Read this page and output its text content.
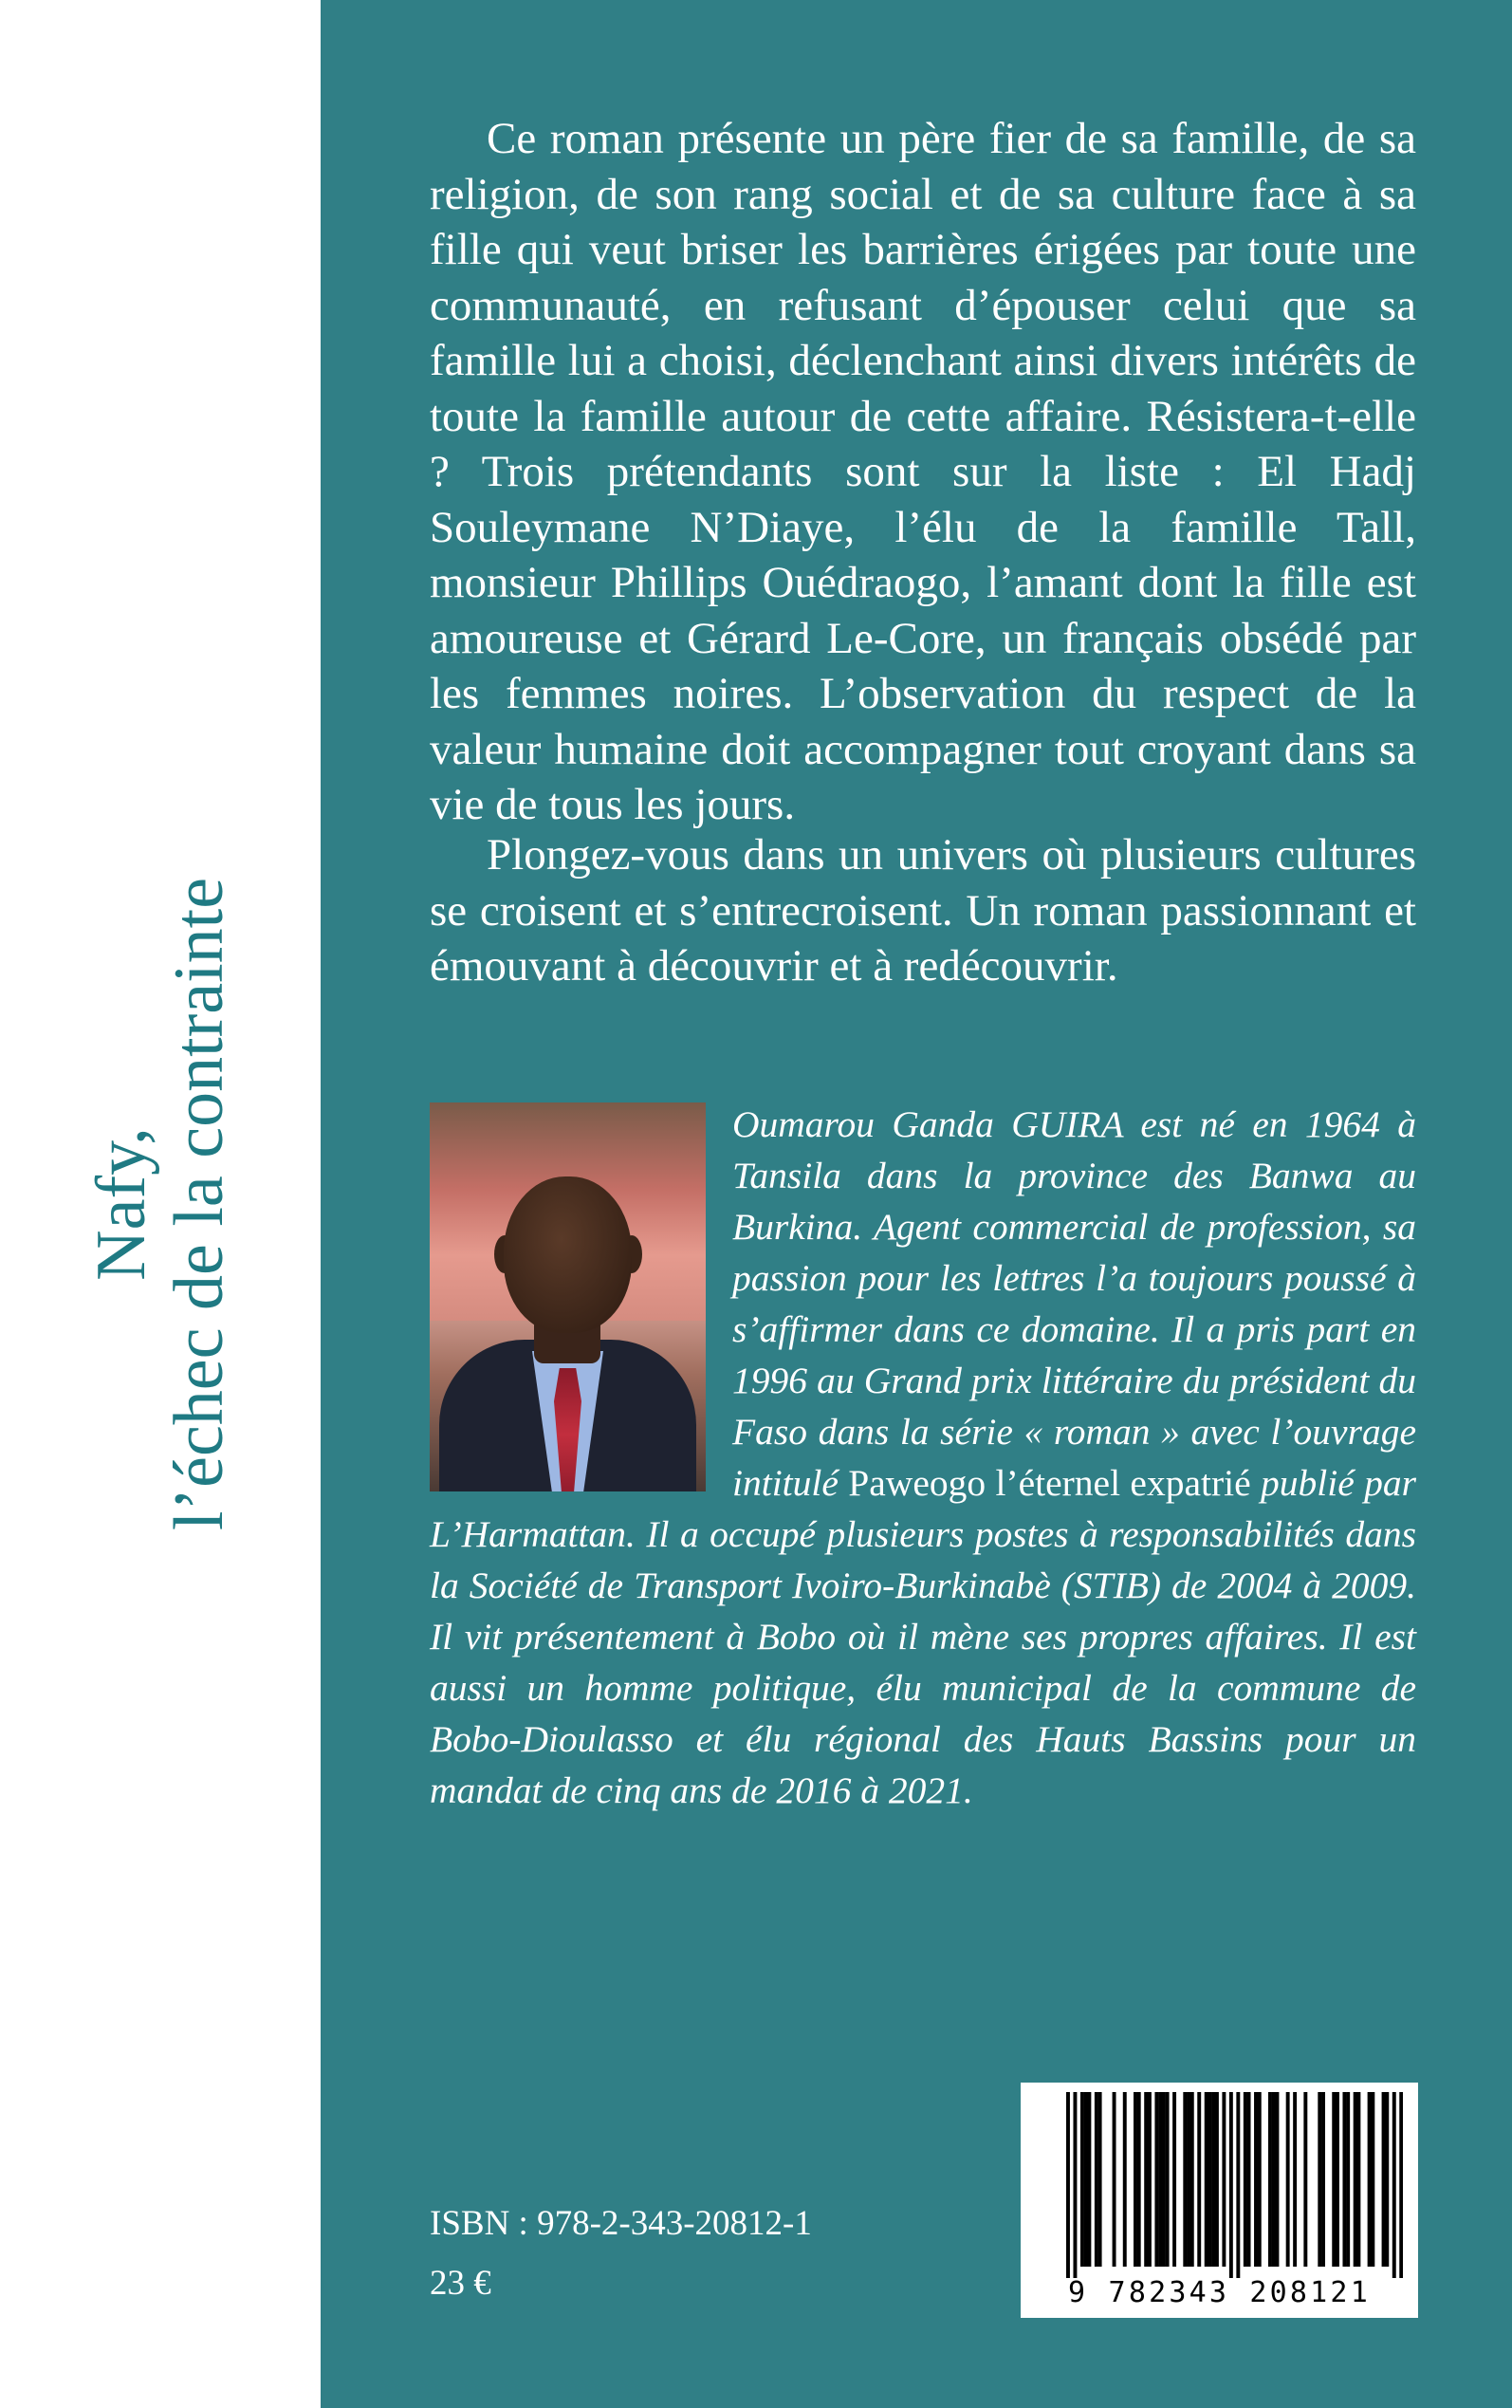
Nafy, l’échec de la contrainte

Ce roman présente un père fier de sa famille, de sa religion, de son rang social et de sa culture face à sa fille qui veut briser les barrières érigées par toute une communauté, en refusant d’épouser celui que sa famille lui a choisi, déclenchant ainsi divers intérêts de toute la famille autour de cette affaire. Résistera-t-elle ? Trois prétendants sont sur la liste : El Hadj Souleymane N’Diaye, l’élu de la famille Tall, monsieur Phillips Ouédraogo, l’amant dont la fille est amoureuse et Gérard Le-Core, un français obsédé par les femmes noires. L’observation du respect de la valeur humaine doit accompagner tout croyant dans sa vie de tous les jours.

Plongez-vous dans un univers où plusieurs cultures se croisent et s’entrecroisent. Un roman passionnant et émouvant à découvrir et à redécouvrir.

Oumarou Ganda GUIRA est né en 1964 à Tansila dans la province des Banwa au Burkina. Agent commercial de profession, sa passion pour les lettres l’a toujours poussé à s’affirmer dans ce domaine. Il a pris part en 1996 au Grand prix littéraire du président du Faso dans la série « roman » avec l’ouvrage intitulé Paweogo l’éternel expatrié publié par L’Harmattan. Il a occupé plusieurs postes à responsabilités dans la Société de Transport Ivoiro-Burkinabè (STIB) de 2004 à 2009. Il vit présentement à Bobo où il mène ses propres affaires. Il est aussi un homme politique, élu municipal de la commune de Bobo-Dioulasso et élu régional des Hauts Bassins pour un mandat de cinq ans de 2016 à 2021.

9 782343 208121
ISBN : 978-2-343-20812-1
23 €
